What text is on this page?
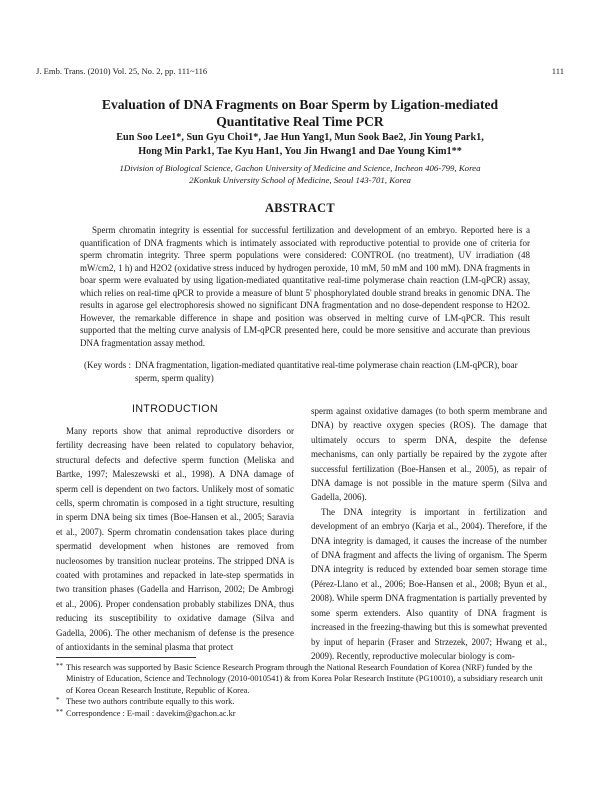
J. Emb. Trans. (2010) Vol. 25, No. 2, pp. 111~116	111
Evaluation of DNA Fragments on Boar Sperm by Ligation-mediated
Quantitative Real Time PCR
Eun Soo Lee1*, Sun Gyu Choi1*, Jae Hun Yang1, Mun Sook Bae2, Jin Young Park1,
Hong Min Park1, Tae Kyu Han1, You Jin Hwang1 and Dae Young Kim1**
1Division of Biological Science, Gachon University of Medicine and Science, Incheon 406-799, Korea
2Konkuk University School of Medicine, Seoul 143-701, Korea
ABSTRACT

Sperm chromatin integrity is essential for successful fertilization and development of an embryo. Reported here is a quantification of DNA fragments which is intimately associated with reproductive potential to provide one of criteria for sperm chromatin integrity. Three sperm populations were considered: CONTROL (no treatment), UV irradiation (48 mW/cm2, 1 h) and H2O2 (oxidative stress induced by hydrogen peroxide, 10 mM, 50 mM and 100 mM). DNA fragments in boar sperm were evaluated by using ligation-mediated quantitative real-time polymerase chain reaction (LM-qPCR) assay, which relies on real-time qPCR to provide a measure of blunt 5' phosphorylated double strand breaks in genomic DNA. The results in agarose gel electrophoresis showed no significant DNA fragmentation and no dose-dependent response to H2O2. However, the remarkable difference in shape and position was observed in melting curve of LM-qPCR. This result supported that the melting curve analysis of LM-qPCR presented here, could be more sensitive and accurate than previous DNA fragmentation assay method.

(Key words : DNA fragmentation, ligation-mediated quantitative real-time polymerase chain reaction (LM-qPCR), boar sperm, sperm quality)
INTRODUCTION

Many reports show that animal reproductive disorders or fertility decreasing have been related to copulatory behavior, structural defects and defective sperm function (Meliska and Bartke, 1997; Maleszewski et al., 1998). A DNA damage of sperm cell is dependent on two factors. Unlikely most of somatic cells, sperm chromatin is composed in a tight structure, resulting in sperm DNA being six times (Boe-Hansen et al., 2005; Saravia et al., 2007). Sperm chromatin condensation takes place during spermatid development when histones are removed from nucleosomes by transition nuclear proteins. The stripped DNA is coated with protamines and repacked in late-step spermatids in two transition phases (Gadella and Harrison, 2002; De Ambrogi et al., 2006). Proper condensation probably stabilizes DNA, thus reducing its susceptibility to oxidative damage (Silva and Gadella, 2006). The other mechanism of defense is the presence of antioxidants in the seminal plasma that protect

sperm against oxidative damages (to both sperm membrane and DNA) by reactive oxygen species (ROS). The damage that ultimately occurs to sperm DNA, despite the defense mechanisms, can only partially be repaired by the zygote after successful fertilization (Boe-Hansen et al., 2005), as repair of DNA damage is not possible in the mature sperm (Silva and Gadella, 2006).

The DNA integrity is important in fertilization and development of an embryo (Karja et al., 2004). Therefore, if the DNA integrity is damaged, it causes the increase of the number of DNA fragment and affects the living of organism. The Sperm DNA integrity is reduced by extended boar semen storage time (Pérez-Llano et al., 2006; Boe-Hansen et al., 2008; Byun et al., 2008). While sperm DNA fragmentation is partially prevented by some sperm extenders. Also quantity of DNA fragment is increased in the freezing-thawing but this is somewhat prevented by input of heparin (Fraser and Strzezek, 2007; Hwang et al., 2009). Recently, reproductive molecular biology is com-

** This research was supported by Basic Science Research Program through the National Research Foundation of Korea (NRF) funded by the Ministry of Education, Science and Technology (2010-0010541) & from Korea Polar Research Institute (PG10010), a subsidiary research unit of Korea Ocean Research Institute, Republic of Korea.
* These two authors contribute equally to this work.
** Correspondence : E-mail : davekim@gachon.ac.kr
